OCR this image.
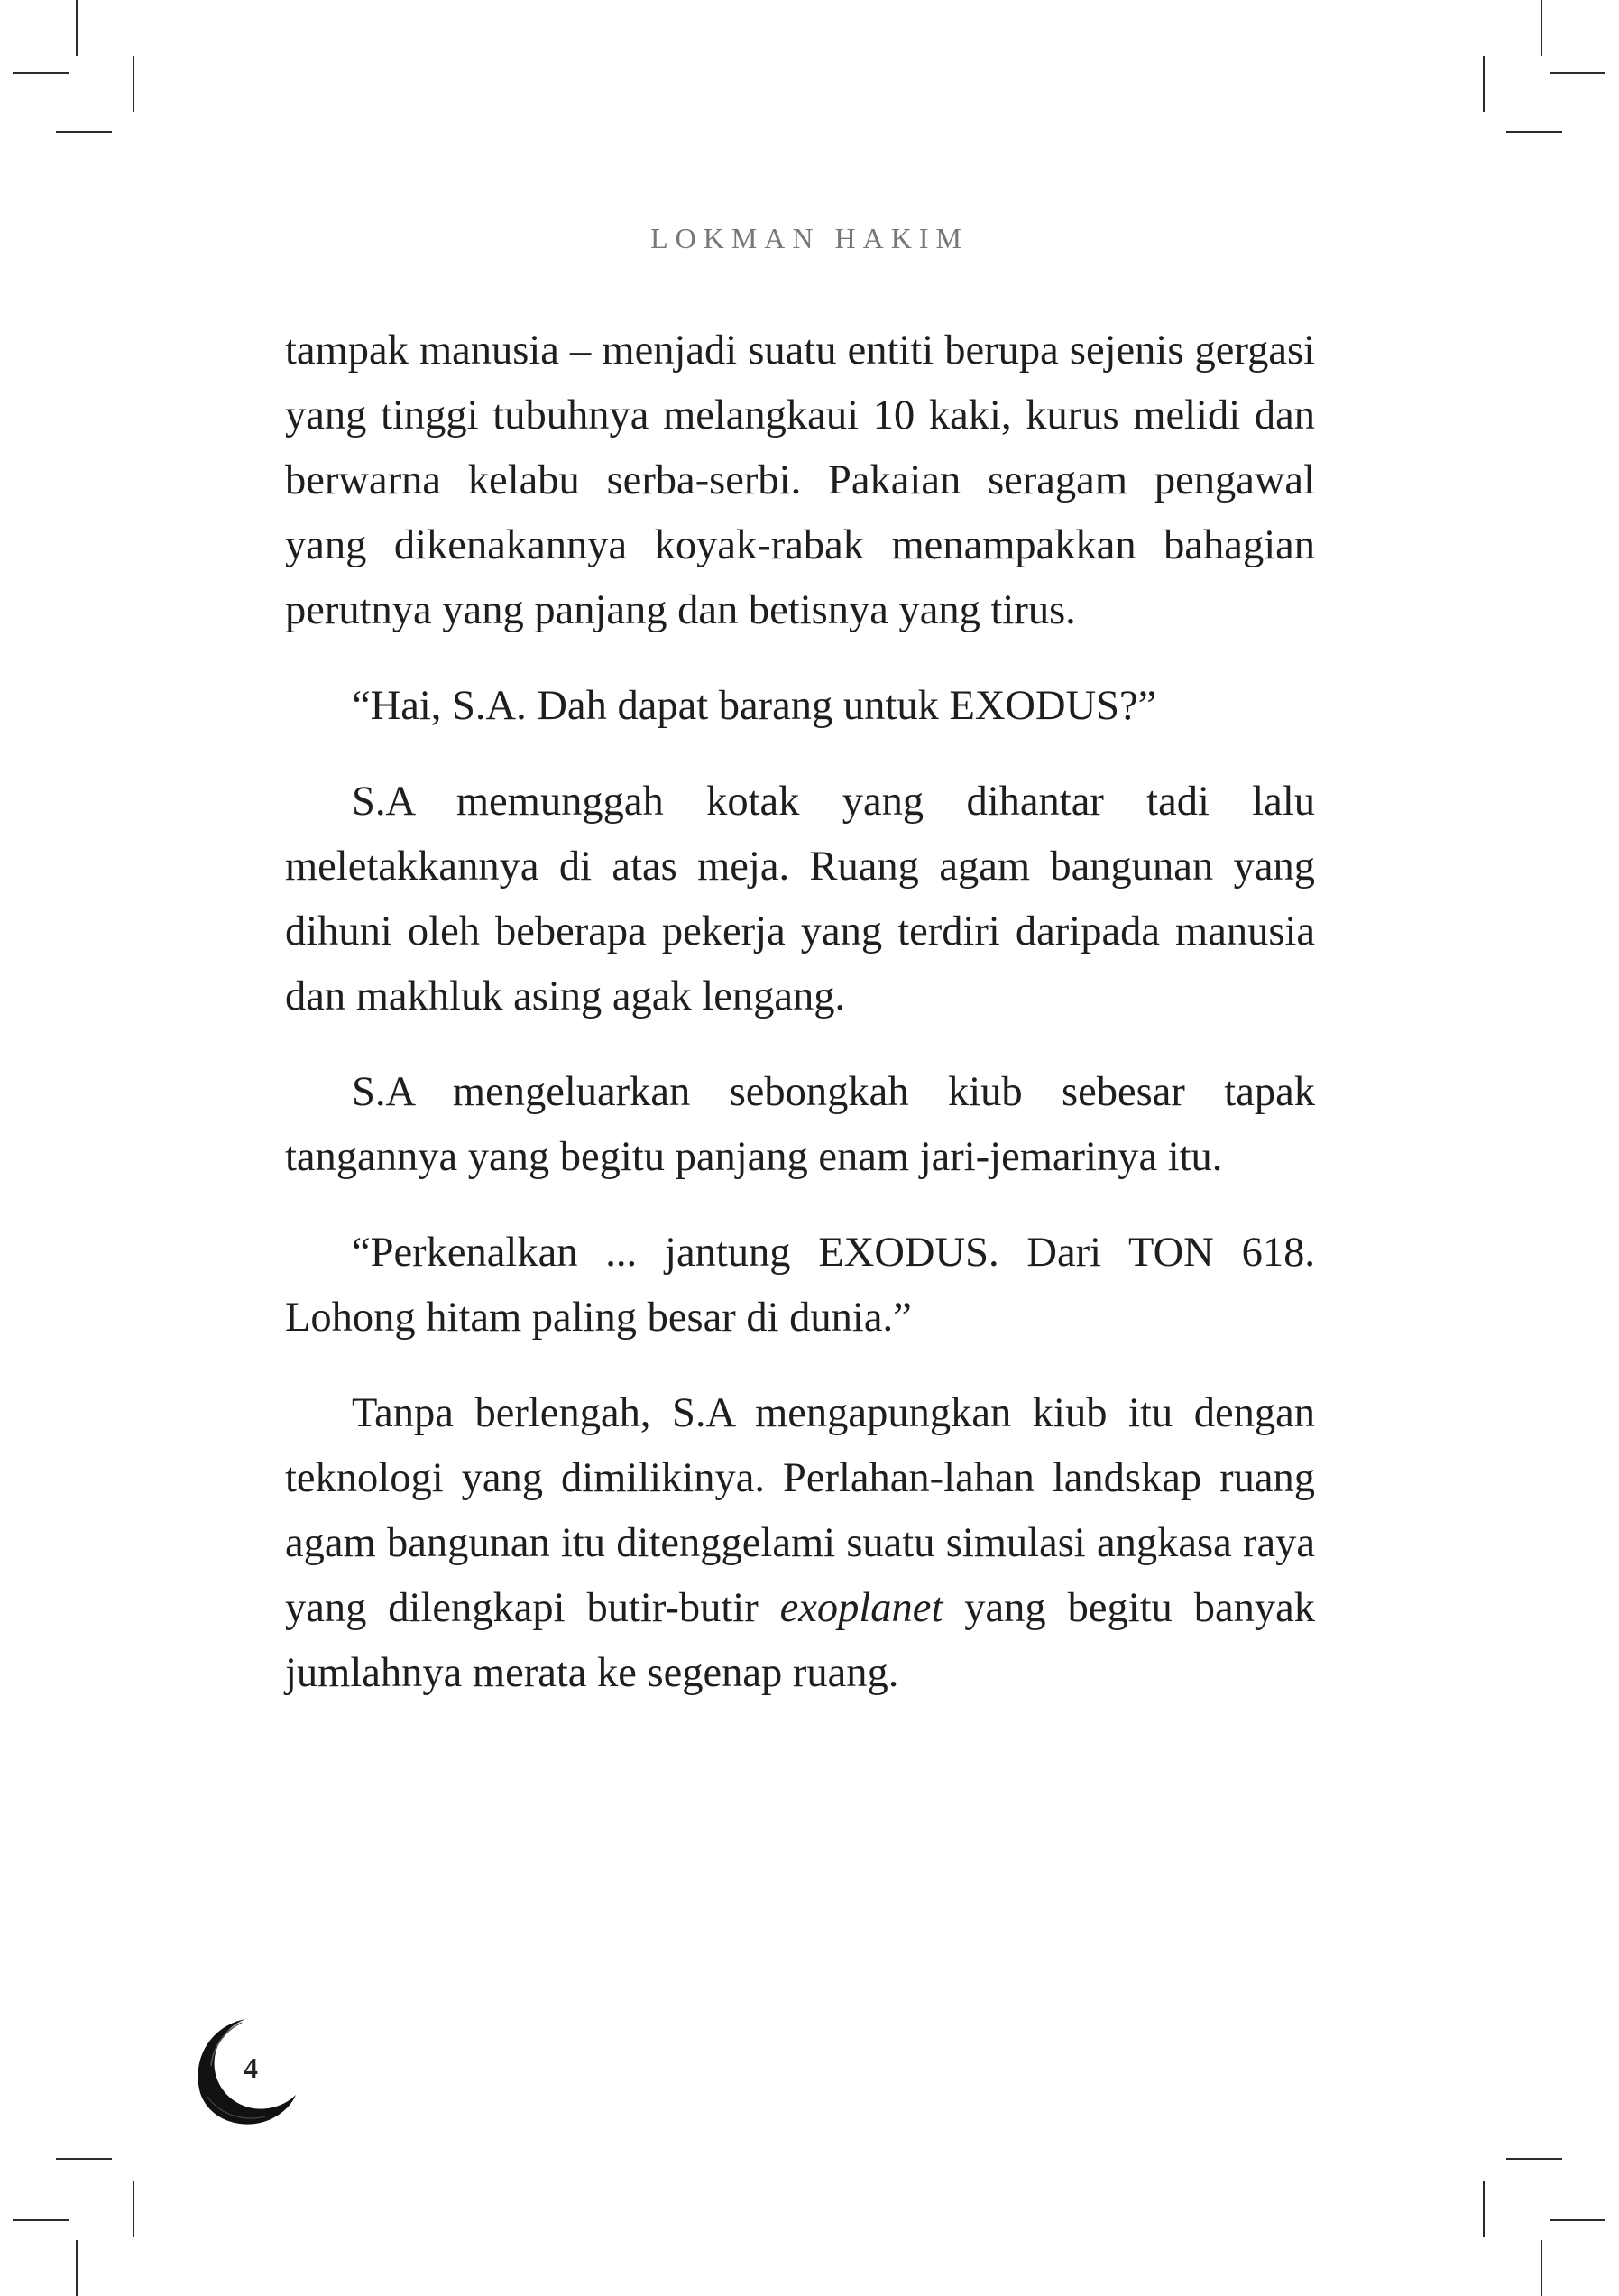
LOKMAN HAKIM

tampak manusia – menjadi suatu entiti berupa sejenis gergasi yang tinggi tubuhnya melangkaui 10 kaki, kurus melidi dan berwarna kelabu serba-serbi. Pakaian seragam pengawal yang dikenakannya koyak-rabak menampakkan bahagian perutnya yang panjang dan betisnya yang tirus.

“Hai, S.A. Dah dapat barang untuk EXODUS?”

S.A memunggah kotak yang dihantar tadi lalu meletakkannya di atas meja. Ruang agam bangunan yang dihuni oleh beberapa pekerja yang terdiri daripada manusia dan makhluk asing agak lengang.

S.A mengeluarkan sebongkah kiub sebesar tapak tangannya yang begitu panjang enam jari-jemarinya itu.

“Perkenalkan ... jantung EXODUS. Dari TON 618. Lohong hitam paling besar di dunia.”

Tanpa berlengah, S.A mengapungkan kiub itu dengan teknologi yang dimilikinya. Perlahan-lahan landskap ruang agam bangunan itu ditenggelami suatu simulasi angkasa raya yang dilengkapi butir-butir exoplanet yang begitu banyak jumlahnya merata ke segenap ruang.

4
